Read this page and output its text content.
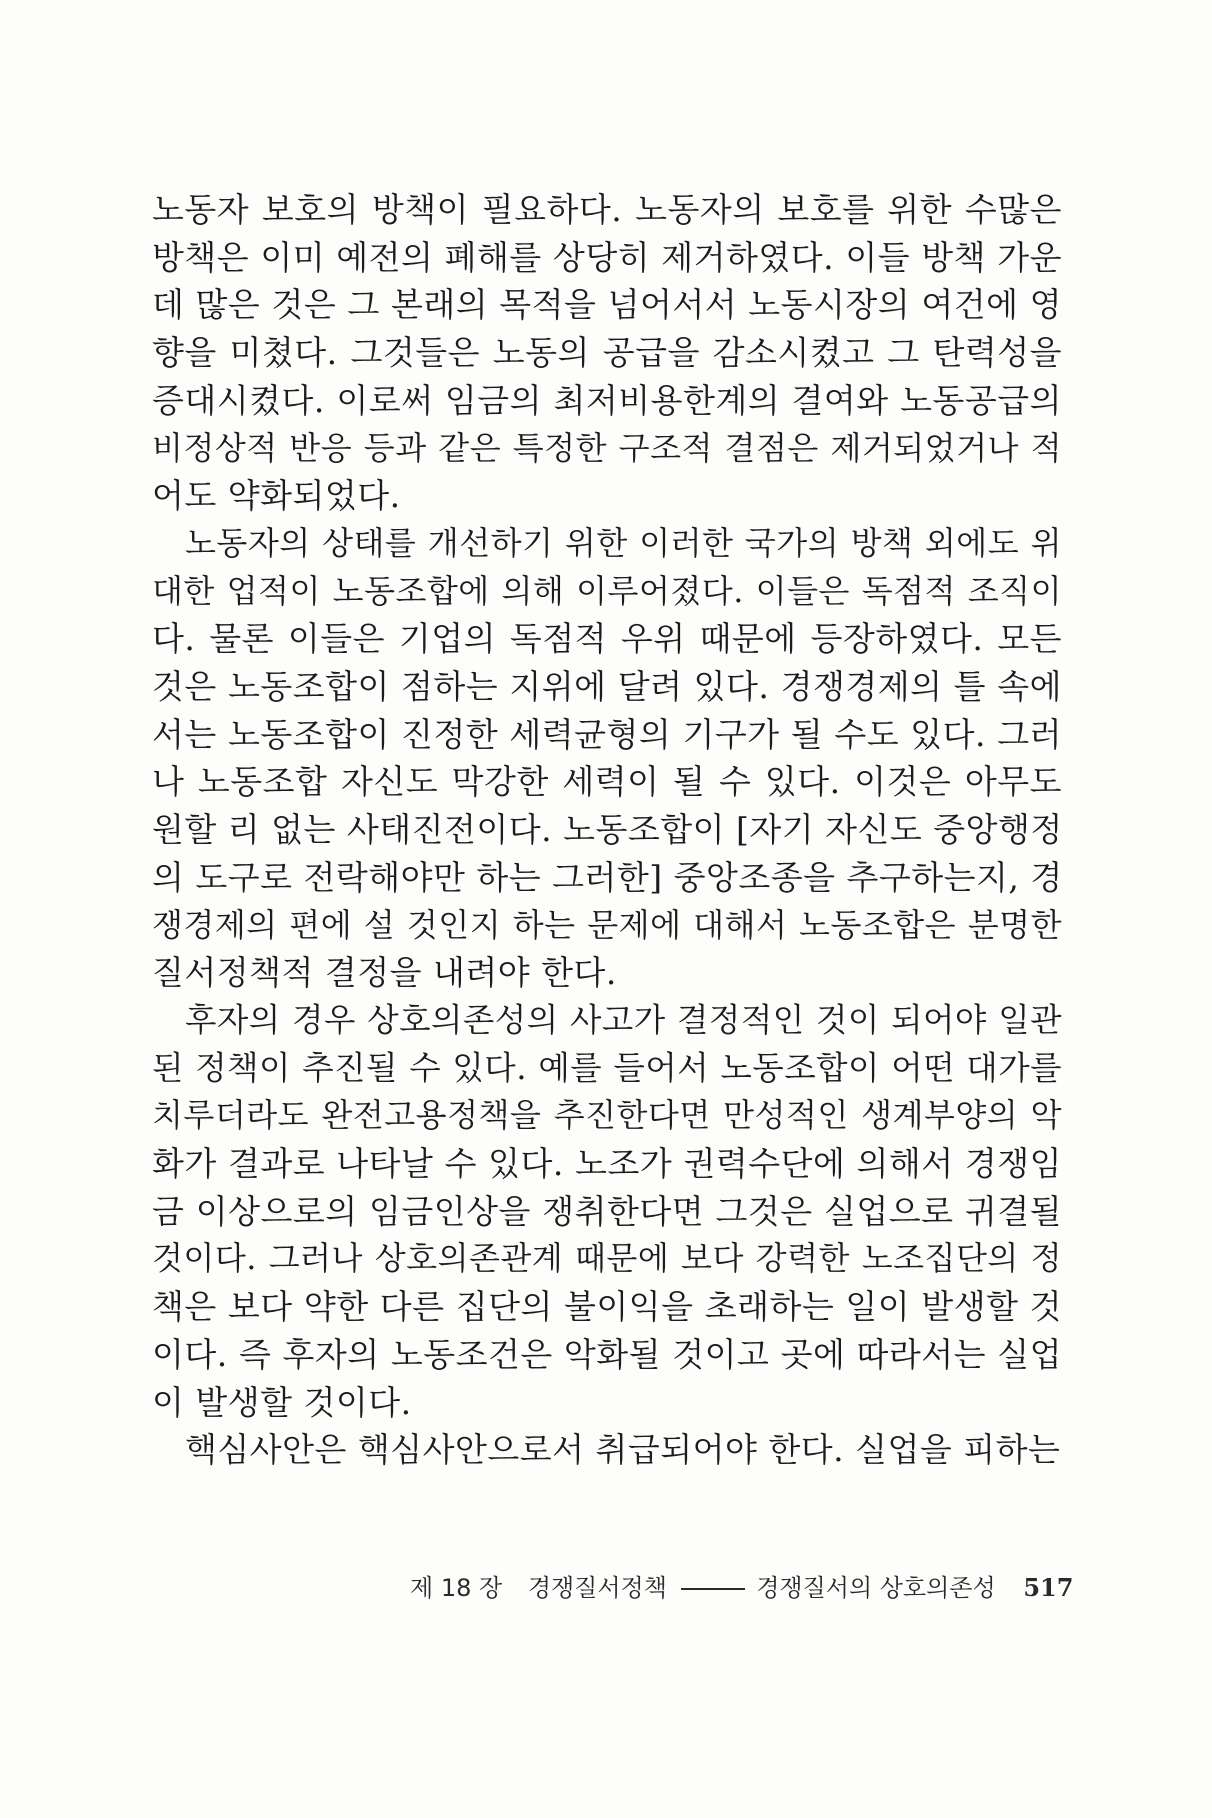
노동자 보호의 방책이 필요하다. 노동자의 보호를 위한 수많은
방책은 이미 예전의 폐해를 상당히 제거하였다. 이들 방책 가운
데 많은 것은 그 본래의 목적을 넘어서서 노동시장의 여건에 영
향을 미쳤다. 그것들은 노동의 공급을 감소시켰고 그 탄력성을
증대시켰다. 이로써 임금의 최저비용한계의 결여와 노동공급의
비정상적 반응 등과 같은 특정한 구조적 결점은 제거되었거나 적
어도 약화되었다.
노동자의 상태를 개선하기 위한 이러한 국가의 방책 외에도 위
대한 업적이 노동조합에 의해 이루어졌다. 이들은 독점적 조직이
다. 물론 이들은 기업의 독점적 우위 때문에 등장하였다. 모든
것은 노동조합이 점하는 지위에 달려 있다. 경쟁경제의 틀 속에
서는 노동조합이 진정한 세력균형의 기구가 될 수도 있다. 그러
나 노동조합 자신도 막강한 세력이 될 수 있다. 이것은 아무도
원할 리 없는 사태진전이다. 노동조합이 [자기 자신도 중앙행정
의 도구로 전락해야만 하는 그러한] 중앙조종을 추구하는지, 경
쟁경제의 편에 설 것인지 하는 문제에 대해서 노동조합은 분명한
질서정책적 결정을 내려야 한다.
후자의 경우 상호의존성의 사고가 결정적인 것이 되어야 일관
된 정책이 추진될 수 있다. 예를 들어서 노동조합이 어떤 대가를
치루더라도 완전고용정책을 추진한다면 만성적인 생계부양의 악
화가 결과로 나타날 수 있다. 노조가 권력수단에 의해서 경쟁임
금 이상으로의 임금인상을 쟁취한다면 그것은 실업으로 귀결될
것이다. 그러나 상호의존관계 때문에 보다 강력한 노조집단의 정
책은 보다 약한 다른 집단의 불이익을 초래하는 일이 발생할 것
이다. 즉 후자의 노동조건은 악화될 것이고 곳에 따라서는 실업
이 발생할 것이다.
핵심사안은 핵심사안으로서 취급되어야 한다. 실업을 피하는
제 18 장 경쟁질서정책	경쟁질서의 상호의존성 517
